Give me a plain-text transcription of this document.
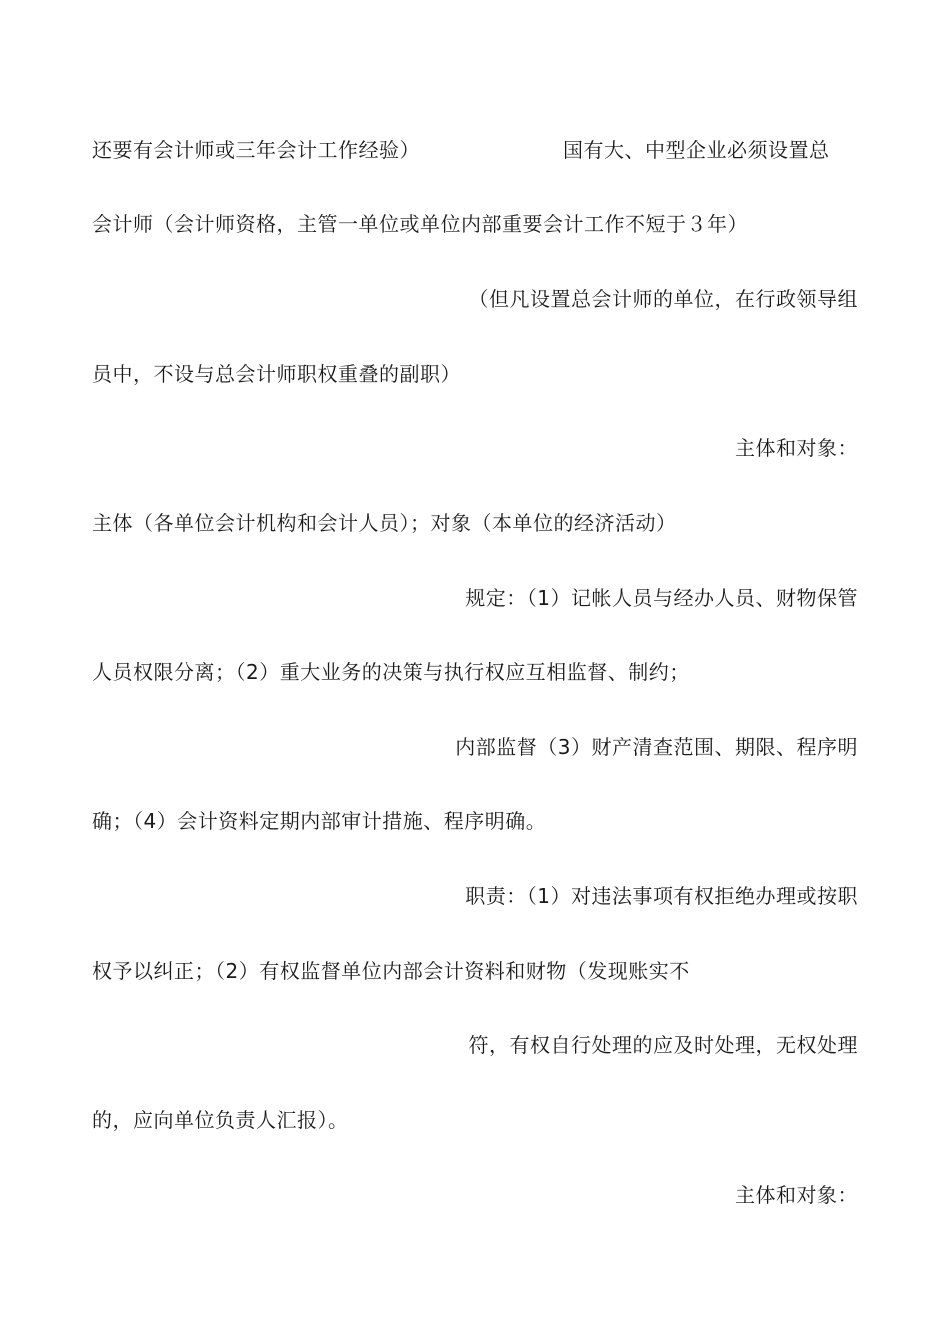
还要有会计师或三年会计工作经验）	国有大、中型企业必须设置总
会计师（会计师资格，主管一单位或单位内部重要会计工作不短于３年）
（但凡设置总会计师的单位，在行政领导组
员中，不设与总会计师职权重叠的副职）
主体和对象：
主体（各单位会计机构和会计人员）；对象（本单位的经济活动）
规定：（1）记帐人员与经办人员、财物保管
人员权限分离；（2）重大业务的决策与执行权应互相监督、制约；
内部监督（3）财产清查范围、期限、程序明
确；（4）会计资料定期内部审计措施、程序明确。
职责：（1）对违法事项有权拒绝办理或按职
权予以纠正；（2）有权监督单位内部会计资料和财物（发现账实不
符，有权自行处理的应及时处理，无权处理
的，应向单位负责人汇报）。
主体和对象：
